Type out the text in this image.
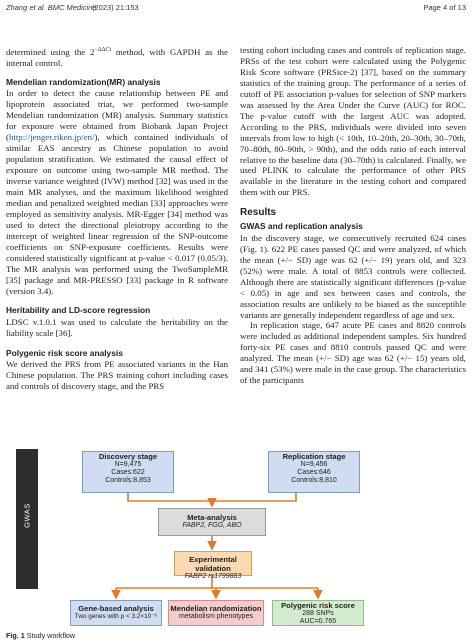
Zhang et al. BMC Medicine
(2023) 21:153	Page 4 of 13

determined using the $2^{-\Delta\Delta Ct}$ method, with GAPDH as the internal control.

Mendelian randomization(MR) analysis

In order to detect the cause relationship between PE and lipoprotein associated triat, we performed two-sample Mendelian randomization (MR) analysis. Summary statistics for exposure were obtained from Biobank Japan Project (http://jenger.riken.jp/en/), which contained individuals of similar EAS ancestry as Chinese population to avoid population stratification. We estimated the causal effect of exposure on outcome using two-sample MR method. The inverse variance weighted (IVW) method [32] was used in the main MR analyses, and the maximum likelihood weighted median and penalized weighted median [33] approaches were employed as sensitivity analysis. MR-Egger [34] method was used to detect the directional pleiotropy according to the intercept of weighted linear regression of the SNP-outcome coefficients on SNP-exposure coefficients. Results were considered statistically significant at p-value < 0.017 (0.05/3). The MR analysis was performed using the TwoSampleMR [35] package and MR-PRESSO [33] package in R software (version 3.4).

Heritability and LD-score regression

LDSC v.1.0.1 was used to calculate the heritability on the liability scale [36].

Polygenic risk score analysis

We derived the PRS from PE associated variants in the Han Chinese population. The PRS training cohort including cases and controls of discovery stage, and the PRS

testing cohort including cases and controls of replication stage. PRSs of the test cohort were calculated using the Polygenic Risk Score software (PRSice-2) [37], based on the summary statistics of the training group. The performance of a series of cutoff of PE association p-values for selection of SNP markers was assessed by the Area Under the Curve (AUC) for ROC. The p-value cutoff with the largest AUC was adopted. According to the PRS, individuals were divided into seven intervals from low to high (< 10th, 10–20th, 20–30th, 30–70th, 70–80th, 80–90th, > 90th), and the odds ratio of each interval relative to the baseline data (30–70th) is calculated. Finally, we used PLINK to calculate the performance of other PRS available in the literature in the testing cohort and compared them with our PRS.

Results
GWAS and replication analysis

In the discovery stage, we consecutively recruited 624 cases (Fig. 1). 622 PE cases passed QC and were analyzed, of which the mean (+/− SD) age was 62 (+/− 19) years old, and 323 (52%) were male. A total of 8853 controls were collected. Although there are statistically significant differences (p-value < 0.05) in age and sex between cases and controls, the association results are unlikely to be biased as the susceptible variants are generally independent regardless of age and sex.

In replication stage, 647 acute PE cases and 8820 controls were included as additional independent samples. Six hundred forty-six PE cases and 8810 controls passed QC and were analyzed. The mean (+/− SD) age was 62 (+/− 15) years old, and 341 (53%) were male in the case group. The characteristics of the participants

GWAS
Discovery stage
N=9,475
Cases:622
Controls:8,853
Replication stage
N=9,456
Cases:646
Controls:8,810
Meta-analysis
FABP2, FGG, ABO
Experimental validation
FABP2 rs1799883
Gene-based analysis
Two genes with p < 3.2×10⁻⁶
Mendelian randomization
metabolism phenotypes
Polygenic risk score
288 SNPs
AUC=0.765
Fig. 1 Study workflow
